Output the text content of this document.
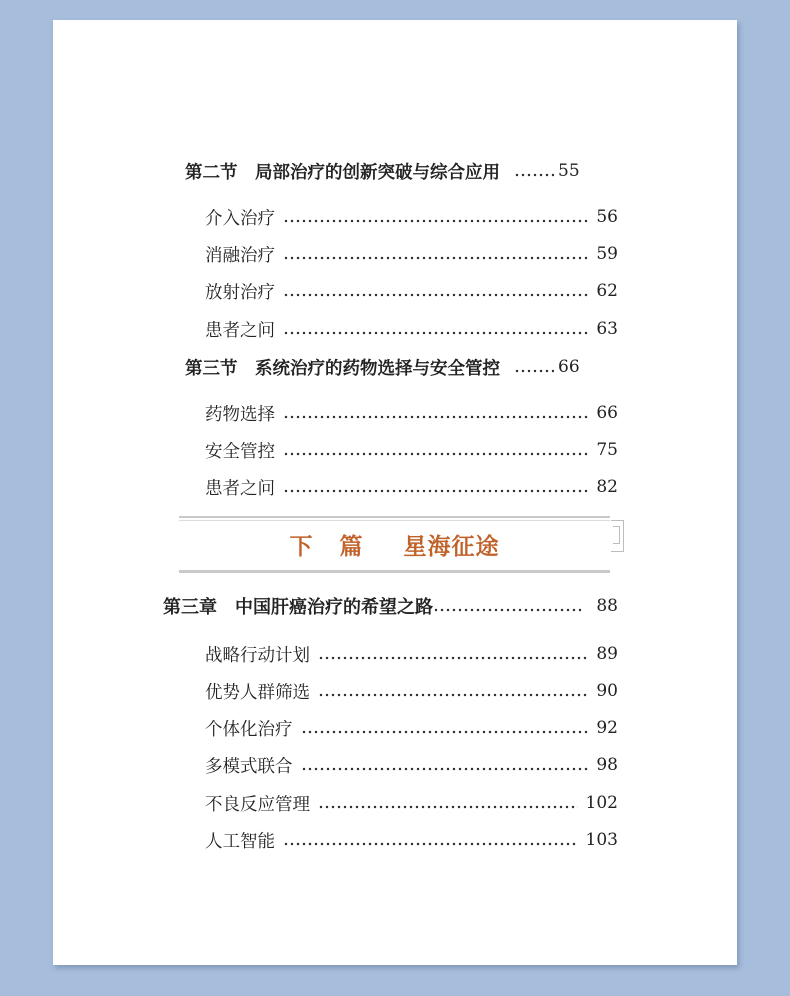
第二节　局部治疗的创新突破与综合应用	55
介入治疗	56
消融治疗	59
放射治疗	62
患者之问	63
第三节　系统治疗的药物选择与安全管控	66
药物选择	66
安全管控	75
患者之问	82
下 篇 星海征途
第三章　中国肝癌治疗的希望之路	88
战略行动计划	89
优势人群筛选	90
个体化治疗	92
多模式联合	98
不良反应管理	102
人工智能	103
